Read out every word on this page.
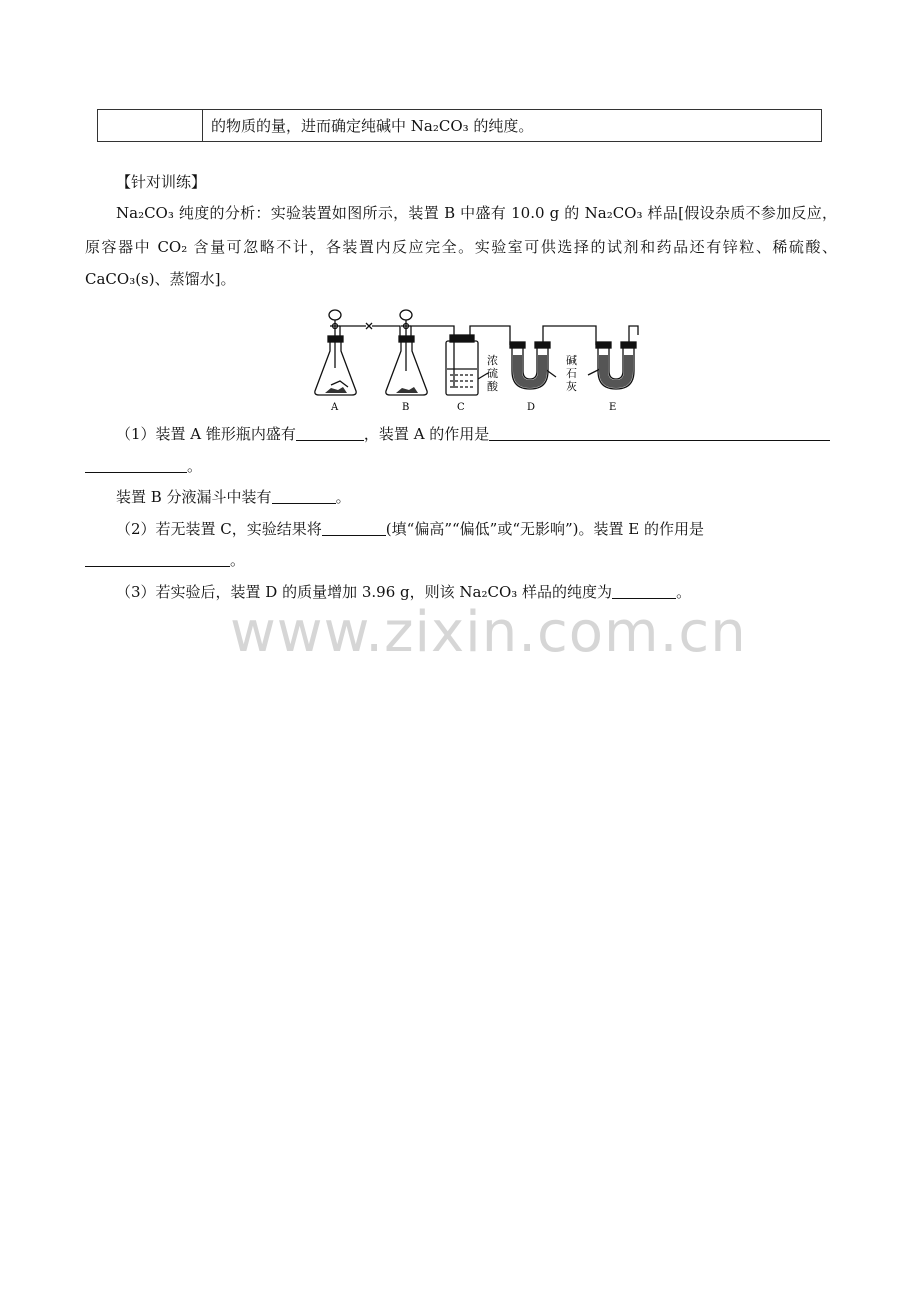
的物质的量，进而确定纯碱中 Na₂CO₃ 的纯度。
【针对训练】
Na₂CO₃ 纯度的分析：实验装置如图所示，装置 B 中盛有 10.0 g 的 Na₂CO₃ 样品[假设杂质不参加反应，
原容器中 CO₂ 含量可忽略不计，各装置内反应完全。实验室可供选择的试剂和药品还有锌粒、稀硫酸、
CaCO₃(s)、蒸馏水]。
A	B	C	D	E
浓
硫
酸
碱
石
灰
（1）装置 A 锥形瓶内盛有	，装置 A 的作用是
。
装置 B 分液漏斗中装有	。
（2）若无装置 C，实验结果将	(填“偏高”“偏低”或“无影响”)。装置 E 的作用是
。
（3）若实验后，装置 D 的质量增加 3.96 g，则该 Na₂CO₃ 样品的纯度为	。
www.zixin.com.cn
